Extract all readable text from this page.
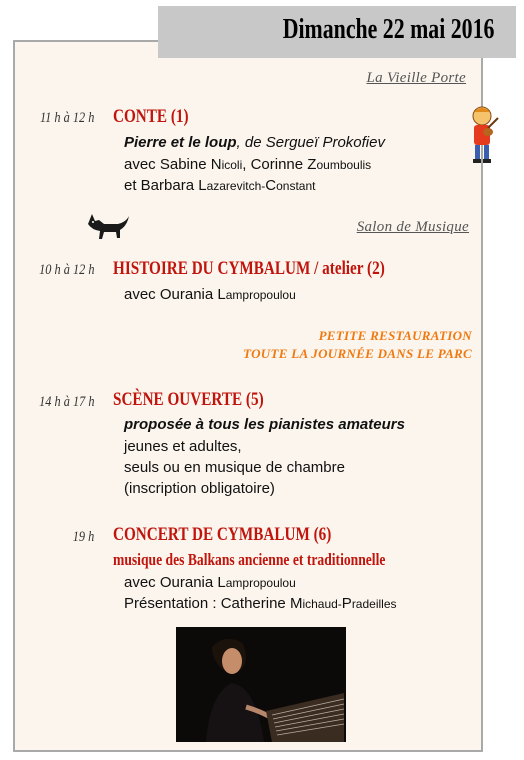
Dimanche 22 mai 2016
La Vieille Porte
11 h à 12 h CONTE (1)
Pierre et le loup, de Sergueï Prokofiev
avec Sabine Nicoli, Corinne Zoumboulis
et Barbara Lazarevitch-Constant
Salon de Musique
10 h à 12 h HISTOIRE DU CYMBALUM / atelier (2)
avec Ourania Lampropoulou
PETITE RESTAURATION
TOUTE LA JOURNÉE DANS LE PARC
14 h à 17 h SCÈNE OUVERTE (5)
proposée à tous les pianistes amateurs
jeunes et adultes,
seuls ou en musique de chambre
(inscription obligatoire)
19 h CONCERT DE CYMBALUM (6)
musique des Balkans ancienne et traditionnelle
avec Ourania Lampropoulou
Présentation : Catherine Michaud-Pradeilles
